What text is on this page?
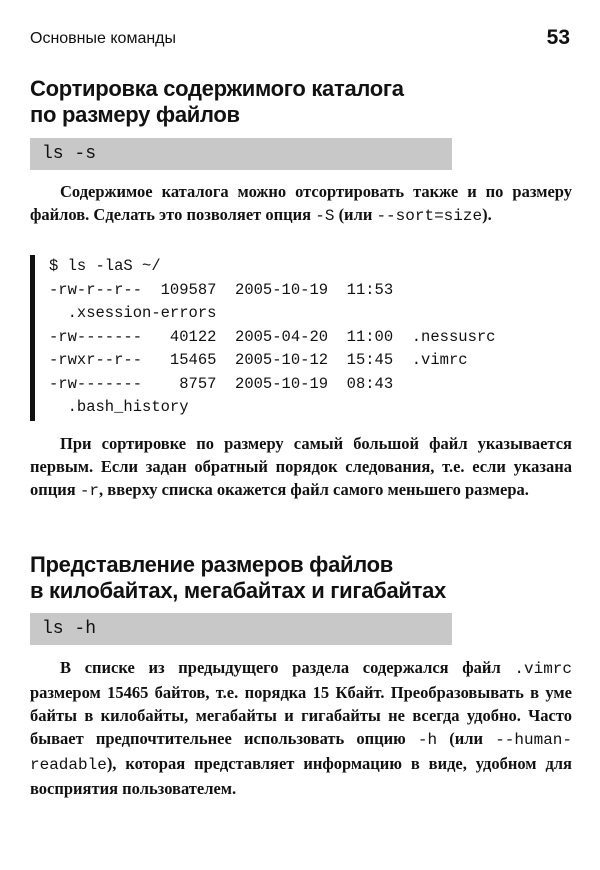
Основные команды	53
Сортировка содержимого каталога
по размеру файлов
ls -s

Содержимое каталога можно отсортировать также и по размеру файлов. Сделать это позволяет опция -S (или --sort=size).

$ ls -laS ~/
-rw-r--r--  109587  2005-10-19  11:53
.xsession-errors
-rw-------   40122  2005-04-20  11:00  .nessusrc
-rwxr--r--   15465  2005-10-12  15:45  .vimrc
-rw-------    8757  2005-10-19  08:43
.bash_history

При сортировке по размеру самый большой файл указывается первым. Если задан обратный порядок следования, т.е. если указана опция -r, вверху списка окажется файл самого меньшего размера.

Представление размеров файлов
в килобайтах, мегабайтах и гигабайтах
ls -h

В списке из предыдущего раздела содержался файл .vimrc размером 15465 байтов, т.е. порядка 15 Кбайт. Преобразовывать в уме байты в килобайты, мегабайты и гигабайты не всегда удобно. Часто бывает предпочтительнее использовать опцию -h (или --human-readable), которая представляет информацию в виде, удобном для восприятия пользователем.
